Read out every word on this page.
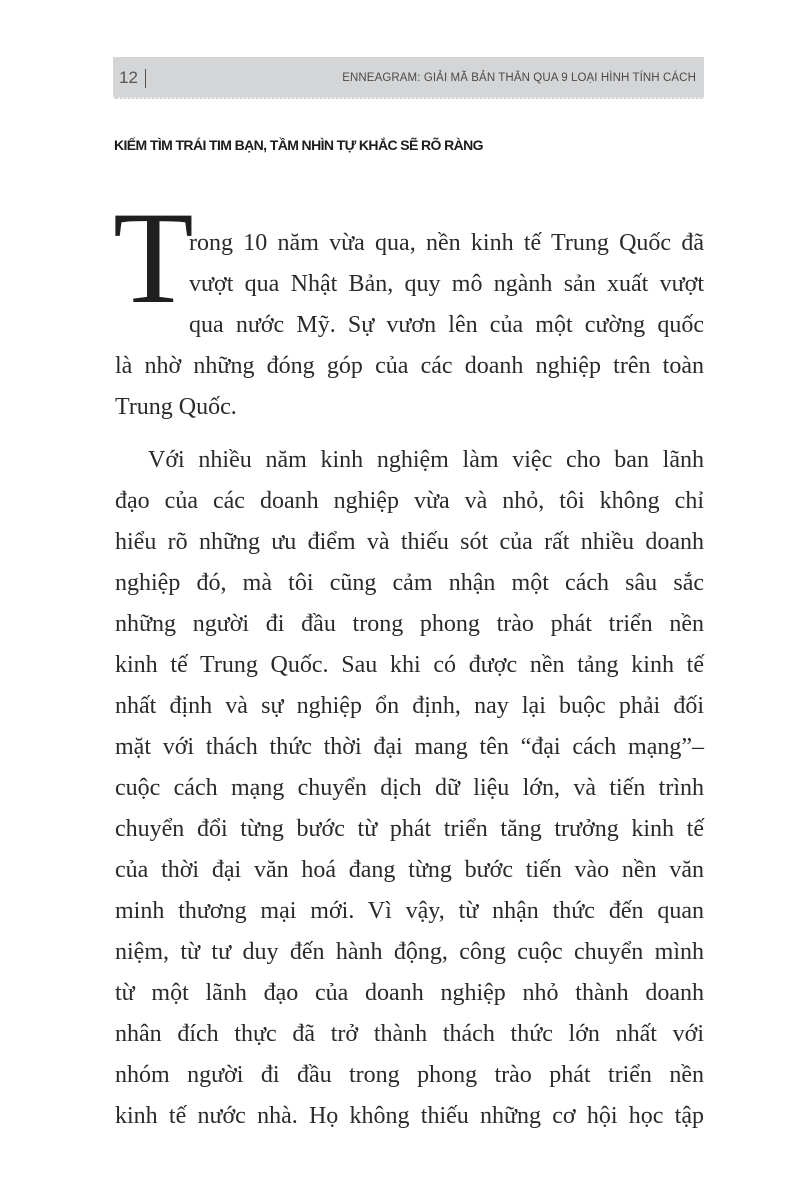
12	ENNEAGRAM: GIẢI MÃ BẢN THÂN QUA 9 LOẠI HÌNH TÍNH CÁCH
KIẾM TÌM TRÁI TIM BẠN, TẦM NHÌN TỰ KHẮC SẼ RÕ RÀNG
T
rong 10 năm vừa qua, nền kinh tế Trung Quốc đã
vượt qua Nhật Bản, quy mô ngành sản xuất vượt
qua nước Mỹ. Sự vươn lên của một cường quốc
là nhờ những đóng góp của các doanh nghiệp trên toàn
Trung Quốc.
Với nhiều năm kinh nghiệm làm việc cho ban lãnh
đạo của các doanh nghiệp vừa và nhỏ, tôi không chỉ
hiểu rõ những ưu điểm và thiếu sót của rất nhiều doanh
nghiệp đó, mà tôi cũng cảm nhận một cách sâu sắc
những người đi đầu trong phong trào phát triển nền
kinh tế Trung Quốc. Sau khi có được nền tảng kinh tế
nhất định và sự nghiệp ổn định, nay lại buộc phải đối
mặt với thách thức thời đại mang tên “đại cách mạng”–
cuộc cách mạng chuyển dịch dữ liệu lớn, và tiến trình
chuyển đổi từng bước từ phát triển tăng trưởng kinh tế
của thời đại văn hoá đang từng bước tiến vào nền văn
minh thương mại mới. Vì vậy, từ nhận thức đến quan
niệm, từ tư duy đến hành động, công cuộc chuyển mình
từ một lãnh đạo của doanh nghiệp nhỏ thành doanh
nhân đích thực đã trở thành thách thức lớn nhất với
nhóm người đi đầu trong phong trào phát triển nền
kinh tế nước nhà. Họ không thiếu những cơ hội học tập
